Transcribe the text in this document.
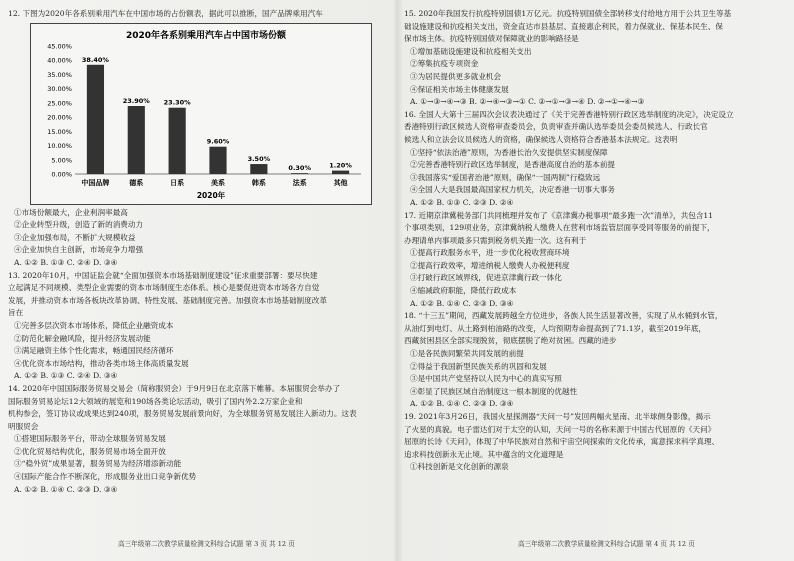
12. 下图为2020年各系别乘用汽车在中国市场的占份额表，据此可以推断，国产品牌乘用汽车
2020年各系别乘用汽车占中国市场份额
0.00%
5.00%
10.00%
15.00%
20.00%
25.00%
30.00%
35.00%
40.00%
45.00%
38.40%
23.90% 23.30%
9.60%
3.50%
0.30%	1.20%
中国品牌	德系	日系	美系	韩系	法系	其他
2020年
①市场份额最大，企业利润率最高
②企业转型升级，创造了新的消费动力
③企业加强布局，不断扩大规模收益
④企业加快自主创新，市场竞争力增强
A. ①② B. ①③ C. ②④ D. ③④
13. 2020年10月，中国证监会就“全面加强资本市场基础制度建设”征求重要部署：要尽快建
立起满足不同规模、类型企业需要的资本市场制度生态体系。核心是要促进资本市场各方自觉
发展，并推动资本市场各板块改革协调、特性发展、基础制度完善。加强资本市场基础制度改革
旨在
①完善多层次资本市场体系，降低企业融资成本
②防范化解金融风险，提升经济发展动能
③满足融资主体个性化需求，畅通国民经济循环
④优化资本市场结构，推动各类市场主体高质量发展
A. ①② B. ①③ C. ②④ D. ③④
14. 2020年中国国际服务贸易交易会（简称服贸会）于9月9日在北京落下帷幕。本届服贸会举办了
国际服务贸易论坛12大领域的展览和190场各类论坛活动，吸引了国内外2.2万家企业和
机构参会，签订协议或成果达到240项，服务贸易发展前景向好，为全球服务贸易发展注入新动力。这表
明服贸会
①搭建国际服务平台，带动全球服务贸易发展
②优化贸易结构优化，服务贸易市场全面开放
③“稳外贸”成果显著，服务贸易为经济增添新动能
④国际产能合作不断深化，形成服务业出口竞争新优势
A. ①② B. ①④ C. ②③ D. ③④
15. 2020年我国发行抗疫特别国债1万亿元。抗疫特别国债全部转移支付给地方用于公共卫生等基
础设施建设和抗疫相关支出，资金直达市县基层、直接惠企利民，着力保就业、保基本民生、保
保市场主体。抗疫特别国债对保障就业的影响路径是
①增加基础设施建设和抗疫相关支出
②筹集抗疫专项资金
③为居民提供更多就业机会
④保证相关市场主体健康发展
A. ①→③→④→③ B. ②→④→③→① C. ②→①→③→④ D. ②→①→④→③
16. 全国人大第十三届四次会议表决通过了《关于完善香港特别行政区选举制度的决定》，决定设立
香港特别行政区候选人资格审查委员会，负责审查并确认选举委员会委员候选人、行政长官
候选人和立法会议员候选人的资格，确保候选人资格符合香港基本法规定。这表明
①坚持“依法治港”原则，为香港长治久安提供坚实制度保障
②完善香港特别行政区选举制度，是香港高度自治的基本前提
③我国落实“爱国者治港”原则，确保“一国两制”行稳致远
④全国人大是我国最高国家权力机关，决定香港一切事大事务
A. ①② B. ①③ C. ②③ D. ②④
17. 近期京津冀税务部门共同梳理并发布了《京津冀办税事项“最多跑一次”清单》，共包含11
个事项类别，129项业务，京津冀纳税人缴费人在营利市场监管层面享受同等服务的前提下，
办理请单内事项最多只需到税务机关跑一次。这有利于
①提高行政服务水平，进一步优化税收营商环境
②提高行政效率，增进纳税人缴费人办税便利度
③打破行政区域界线，促进京津冀行政一体化
④缩减政府职能，降低行政成本
A. ①② B. ①④ C. ②③ D. ③④
18. “十三五”期间，西藏发展跨越全方位进步，各族人民生活显著改善，实现了从水桶到水管，
从油灯到电灯、从土路到柏油路的改变，人均预期寿命提高到了71.1岁，截至2019年底，
西藏贫困县区全部实现脱贫，彻底摆脱了绝对贫困。西藏的进步
①是各民族同繁荣共同发展的前提
②得益于我国新型民族关系的巩固和发展
③是中国共产党坚持以人民为中心的真实写照
④彰显了民族区域自治制度这一根本制度的优越性
A. ①② B. ①④ C. ②③ D. ③④
19. 2021年3月26日，我国火星探测器“天问一号”发回两幅火星南、北半球侧身影像，揭示
了火星的真貌。电子雷达们对于太空的认知，天问一号的名称来源于中国古代屈原的《天问》
屈原的长诗《天问》，体现了中华民族对自然和宇宙空间探索的文化传承，寓意探求科学真理、
追求科技创新永无止境。其中蕴含的文化道理是
①科技创新是文化创新的源泉
高三年级第二次教学质量检测文科综合试题 第 3 页 共 12 页	高三年级第二次教学质量检测文科综合试题 第 4 页 共 12 页
